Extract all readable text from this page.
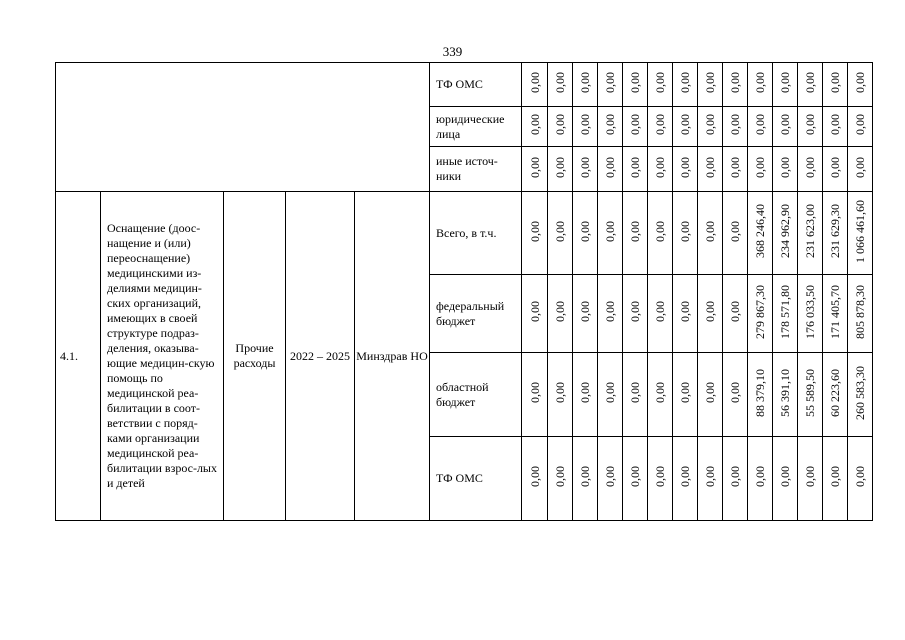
339
					ТФ ОМС	0,00	0,00	0,00	0,00	0,00	0,00	0,00	0,00	0,00	0,00	0,00	0,00	0,00	0,00
					юридические лица	0,00	0,00	0,00	0,00	0,00	0,00	0,00	0,00	0,00	0,00	0,00	0,00	0,00	0,00
					иные источ-ники	0,00	0,00	0,00	0,00	0,00	0,00	0,00	0,00	0,00	0,00	0,00	0,00	0,00	0,00
4.1.	Оснащение (доос-нащение и (или) переоснащение) медицинскими из-делиями медицин-ских организаций, имеющих в своей структуре подраз-деления, оказыва-ющие медицин-скую помощь по медицинской реа-билитации в соот-ветствии с поряд-ками организации медицинской реа-билитации взрос-лых и детей	Прочие расходы	2022 – 2025	Минздрав НО	Всего, в т.ч.	0,00	0,00	0,00	0,00	0,00	0,00	0,00	0,00	0,00	368 246,40	234 962,90	231 623,00	231 629,30	1 066 461,60
					федеральный бюджет	0,00	0,00	0,00	0,00	0,00	0,00	0,00	0,00	0,00	279 867,30	178 571,80	176 033,50	171 405,70	805 878,30
					областной бюджет	0,00	0,00	0,00	0,00	0,00	0,00	0,00	0,00	0,00	88 379,10	56 391,10	55 589,50	60 223,60	260 583,30
					ТФ ОМС	0,00	0,00	0,00	0,00	0,00	0,00	0,00	0,00	0,00	0,00	0,00	0,00	0,00	0,00
